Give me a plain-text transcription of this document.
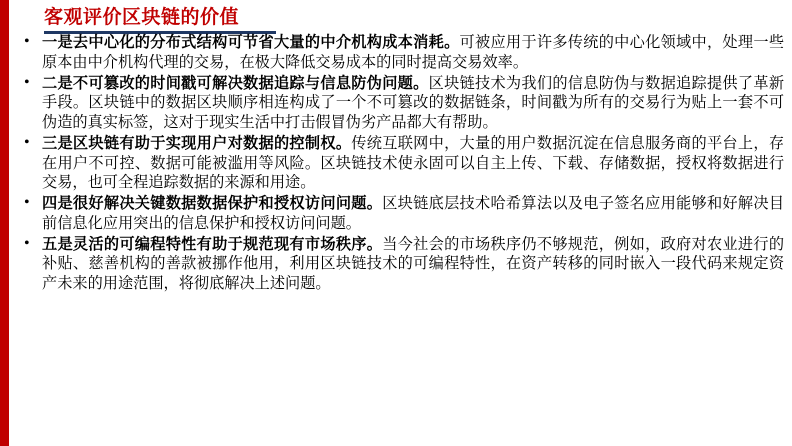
客观评价区块链的价值
• 一是去中心化的分布式结构可节省大量的中介机构成本消耗。可被应用于许多传统的中心化领域中，处理一些原本由中介机构代理的交易，在极大降低交易成本的同时提高交易效率。
• 二是不可篡改的时间戳可解决数据追踪与信息防伪问题。区块链技术为我们的信息防伪与数据追踪提供了革新手段。区块链中的数据区块顺序相连构成了一个不可篡改的数据链条，时间戳为所有的交易行为贴上一套不可伪造的真实标签，这对于现实生活中打击假冒伪劣产品都大有帮助。
• 三是区块链有助于实现用户对数据的控制权。传统互联网中，大量的用户数据沉淀在信息服务商的平台上，存在用户不可控、数据可能被滥用等风险。区块链技术使永固可以自主上传、下载、存储数据，授权将数据进行交易，也可全程追踪数据的来源和用途。
• 四是很好解决关键数据数据保护和授权访问问题。区块链底层技术哈希算法以及电子签名应用能够和好解决目前信息化应用突出的信息保护和授权访问问题。
• 五是灵活的可编程特性有助于规范现有市场秩序。当今社会的市场秩序仍不够规范，例如，政府对农业进行的补贴、慈善机构的善款被挪作他用，利用区块链技术的可编程特性，在资产转移的同时嵌入一段代码来规定资产未来的用途范围，将彻底解决上述问题。
